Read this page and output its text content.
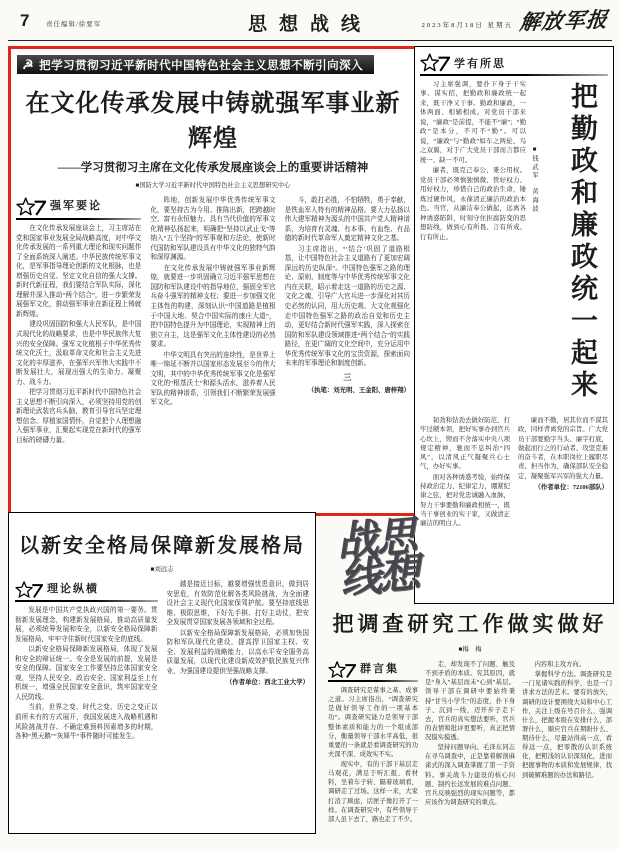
7	责任编辑/徐要军	思想战线	2023年8月18日 星期五 解放军报
☭ 把学习贯彻习近平新时代中国特色社会主义思想不断引向深入
在文化传承发展中铸就强军事业新辉煌
——学习贯彻习主席在文化传承发展座谈会上的重要讲话精神
■国防大学习近平新时代中国特色社会主义思想研究中心
强军要论

在文化传承发展座谈会上，习主席站在党和国家事业发展全局战略高度，对中华文化传承发展的一系列重大理论和现实问题作了全面系统深入阐述。中华民族传统军事文化，是军事指导理论创新的文化根脉，也是增强历史自觉、坚定文化自信的强大支撑。新时代新征程，我们要结合军队实际，深化理解并深入推动“两个结合”，进一步繁荣发展强军文化，推动强军事业在新征程上铸就新辉煌。

建设巩固国防和强大人民军队，是中国式现代化的战略要求，也是中华民族伟大复兴的安全保障。强军文化植根于中华优秀传统文化沃土，汲取革命文化和社会主义先进文化的丰厚滋养，在强军兴军伟大实践中不断发展壮大，展现出强大的生命力、凝聚力、战斗力。

把学习贯彻习近平新时代中国特色社会主义思想不断引向深入，必须坚持用党的创新理论武装官兵头脑，教育引导官兵坚定理想信念、厚植家国情怀，自觉把个人理想融入强军事业，汇聚起实现党在新时代的强军目标的磅礴力量。

阵地，创新发展中华优秀传统军事文化，要坚持古为今用、推陈出新，把跨越时空、富有永恒魅力、具有当代价值的军事文化精神弘扬起来，明确把“坚持以武止戈”等纳入“五个坚持”的军事观和方法论，使新时代国防和军队建设具有中华文化的独特气韵和深厚渊源。

在文化传承发展中铸就强军事业新辉煌，就要进一步巩固确立习近平强军思想在国防和军队建设中的指导地位，强固全军官兵奋斗强军的精神支柱；要进一步加强文化主体性的构建，深刻认识“中国道路是植根于中国大地、契合中国实际的康庄大道”，把中国特色提升为中国理论，实现精神上的独立自主，这是强军文化主体性建设的必然要求。

中华文明具有突出的连续性，是世界上唯一绵延不断并以国家形态发展至今的伟大文明，其中的中华优秀传统军事文化是强军文化的“根基沃土”和源头活水，滋养着人民军队的精神谱系，引领我们不断繁荣发展强军文化。

斗，敢打必胜，不怕牺牲，勇于奉献，是铁血军人特有的精神品格。要大力弘扬以伟大建军精神为源头的中国共产党人精神谱系，为培育有灵魂、有本事、有血性、有品德的新时代革命军人奠定精神文化之基。

习主席指出，“‘结合’巩固了道路根基，让中国特色社会主义道路有了更加宏阔深远的历史纵深”。中国特色强军之路的理论、原则、制度等与中华优秀传统军事文化内在关联，昭示着走这一道路的历史之源、文化之魂，引导广大官兵进一步深化对其历史必然的认同，用大历史观、大文化观强化走中国特色强军之路的政治自觉和历史主动，更好结合新时代强军实践，深入探索在国防和军队建设领域推进“两个结合”的实践路径，在更广阔的文化空间中，充分运用中华优秀传统军事文化的宝贵资源，探索面向未来的军事理论和制度创新。

三
（执笔：刘光明、王金阳、唐梓翔）
学有所思

习主席强调，要扑下身子干实事、谋实招，把勤政和廉政统一起来，既干净又干事。勤政和廉政，一体两面、相辅相成。对党员干部来说，“廉政”是前提，不能不“廉”；“勤政”是本分，不可不“勤”。可以说，“廉政”与“勤政”如车之两轮、鸟之双翼，对于广大党员干部而言都应统一、缺一不可。

廉者，既克己奉公、秉公用权。党员干部必须慎独慎微、管好权力、用好权力，珍惜自己的政治生命，锤炼过硬作风，永葆清正廉洁的政治本色。当官，从廉洁奉公做起，远离各种诱惑陷阱，时刻守住拒腐防变的思想防线，做到心有所畏、言有所戒、行有所止。

■钱武军　黄海波 把勤政和廉政统一起来

韧劲和钻劲去做好防范、打牢过硬本领，把好实事办到官兵心坎上，锲而不舍落实中央八项规定精神，驰而不息纠治“四风”，以清风正气凝聚兵心士气，办好实事。

面对各种诱惑考验，始终保持政治定力、纪律定力，绷紧纪律之弦，把对党忠诚融入血脉，努力干事要勤和廉政相统一，既当干事创业的实干家，又做清正廉洁的明白人。

廉而不勤，居其位而不谋其政，同样背离党的宗旨。广大党员干部要勤字当头、廉字打底，做起而行之的行动者、攻坚克难的奋斗者，在本职岗位上履职尽责、担当作为，确保部队安全稳定，凝聚强军兴军的强大力量。

（作者单位：72106部队）
思想
战线
以新安全格局保障新发展格局
■刘远志
理论纵横

发展是中国共产党执政兴国的第一要务。贯彻新发展理念，构建新发展格局，推动高质量发展，必须统筹发展和安全，以新安全格局保障新发展格局，牢牢守住新时代国家安全的底线。

以新安全格局保障新发展格局，体现了发展和安全的辩证统一。安全是发展的前提，发展是安全的保障。国家安全工作要坚持总体国家安全观，坚持人民安全、政治安全、国家利益至上有机统一，增强全民国家安全意识，筑牢国家安全人民防线。

当前，世界之变、时代之变、历史之变正以前所未有的方式展开，我国发展进入战略机遇和风险挑战并存、不确定难预料因素增多的时期，各种“黑天鹅”“灰犀牛”事件随时可能发生。

越是接近目标，越要增强忧患意识，做到居安思危，有效防范化解各类风险挑战，为全面建设社会主义现代化国家保驾护航。要坚持底线思维、极限思维，下好先手棋、打好主动仗，把安全发展贯穿国家发展各领域和全过程。

以新安全格局保障新发展格局，必须加快国防和军队现代化建设，提高捍卫国家主权、安全、发展利益的战略能力，以高水平安全服务高质量发展，以现代化建设新成效护航民族复兴伟业，为强国建设提供坚强战略支撑。

（作者单位：西北工业大学）
把调查研究工作做实做好
■梅　梅
群言集

调查研究是谋事之基、成事之道。习主席指出，“调查研究是做好领导工作的一项基本功”。调查研究能力是领导干部整体素质和能力的一个组成部分，衡量领导干部水平高低，很重要的一条就是看调查研究的功夫深不深、成效实不实。

现实中，有的干部下基层走马观花，满足于听汇报、看材料，坐着车子转、隔着玻璃看，调研走了过场。这样一来，大家打消了顾虑，话匣子像打开了一样。在调查研究中，有些领导干部人虽下去了，路也走了不少。

走，却发现不了问题、触及不到矛盾的本质。究其原因，就是“身入”基层而未“心到”基层。领导干部在调研中要始终秉持“甘当小学生”的态度，扑下身子、沉到一线，迈开步子走下去，官兵的真实想法要听，官兵的表情和批评更要听，真正把情况摸实摸透。

坚持问题导向。毛泽东同志在寻乌调查中，正是靠着解剖麻雀式的深入调查掌握了第一手资料。事关战斗力建设的核心问题、制约长远发展的难点问题、官兵反映强烈的现实问题等，都应该作为调查研究的重点。

内容和主攻方向。

掌握科学方法。调查研究是一门见诸实践的科学，也是一门讲求方法的艺术。要有的放矢，调研的设计要围绕大局和中心工作，关注上级在号召什么、强调什么，把握本级在安排什么、部署什么，顺应官兵在期盼什么、期待什么，尽量站得高一点、看得远一点，把零散的认识系统化，把粗浅的认识深刻化，进而把握事物的本质和发展规律，找到破解难题的办法和路径。
